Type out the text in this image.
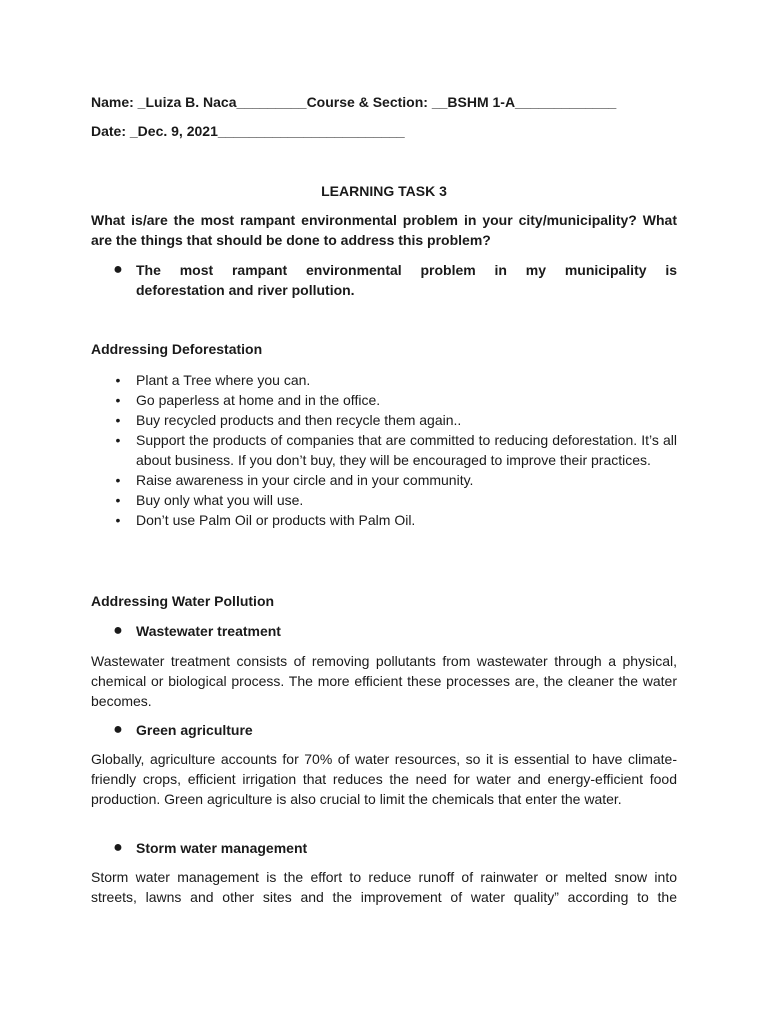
Name: _Luiza B. Naca_________Course & Section: __BSHM 1-A_____________
Date: _Dec. 9, 2021________________________
LEARNING TASK 3
What is/are the most rampant environmental problem in your city/municipality? What are the things that should be done to address this problem?
● The most rampant environmental problem in my municipality is
deforestation and river pollution.
Addressing Deforestation
• Plant a Tree where you can.
• Go paperless at home and in the office.
• Buy recycled products and then recycle them again..
• Support the products of companies that are committed to reducing deforestation. It’s all about business. If you don’t buy, they will be encouraged to improve their practices.
• Raise awareness in your circle and in your community.
• Buy only what you will use.
• Don’t use Palm Oil or products with Palm Oil.
Addressing Water Pollution
● Wastewater treatment
Wastewater treatment consists of removing pollutants from wastewater through a physical, chemical or biological process. The more efficient these processes are, the cleaner the water becomes.
● Green agriculture
Globally, agriculture accounts for 70% of water resources, so it is essential to have climate-friendly crops, efficient irrigation that reduces the need for water and energy-efficient food production. Green agriculture is also crucial to limit the chemicals that enter the water.
● Storm water management
Storm water management is the effort to reduce runoff of rainwater or melted snow into streets, lawns and other sites and the improvement of water quality” according to the
